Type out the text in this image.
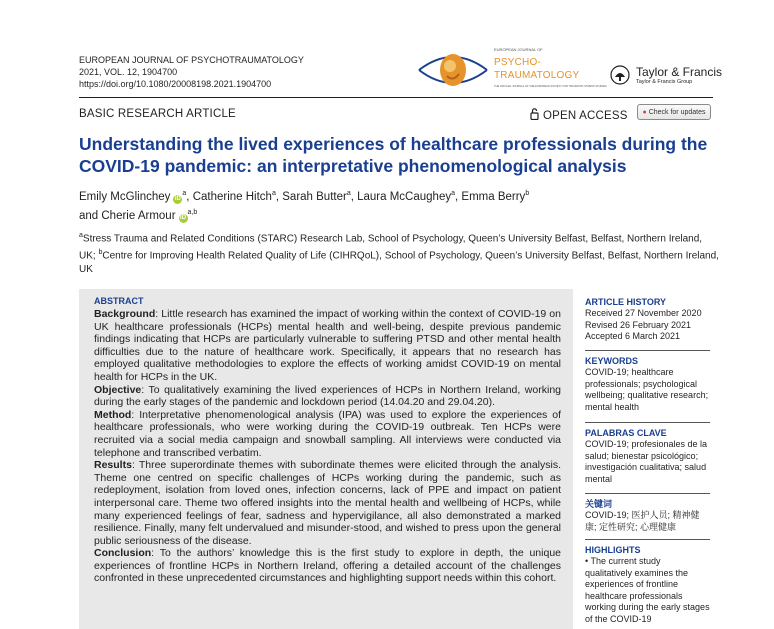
EUROPEAN JOURNAL OF PSYCHOTRAUMATOLOGY
2021, VOL. 12, 1904700
https://doi.org/10.1080/20008198.2021.1904700
EUROPEAN JOURNAL OF
PSYCHO-
TRAUMATOLOGY
THE OFFICIAL JOURNAL OF THE EUROPEAN SOCIETY FOR TRAUMATIC STRESS STUDIES
Taylor & Francis
Taylor & Francis Group
BASIC RESEARCH ARTICLE	OPEN ACCESS	● Check for updates
Understanding the lived experiences of healthcare professionals during the COVID-19 pandemic: an interpretative phenomenological analysis
Emily McGlinchey $iD^a$, Catherine Hitch$^a$, Sarah Butter$^a$, Laura McCaughey$^a$, Emma Berry$^b$
and Cherie Armour iD$^{a,b}$
$^a$Stress Trauma and Related Conditions (STARC) Research Lab, School of Psychology, Queen’s University Belfast, Belfast, Northern Ireland, UK; $^b$Centre for Improving Health Related Quality of Life (CIHRQoL), School of Psychology, Queen’s University Belfast, Belfast, Northern Ireland, UK
ABSTRACT

Background: Little research has examined the impact of working within the context of COVID-19 on UK healthcare professionals (HCPs) mental health and well-being, despite previous pandemic findings indicating that HCPs are particularly vulnerable to suffering PTSD and other mental health difficulties due to the nature of healthcare work. Specifically, it appears that no research has employed qualitative methodologies to explore the effects of working amidst COVID-19 on mental health for HCPs in the UK.

Objective: To qualitatively examining the lived experiences of HCPs in Northern Ireland, working during the early stages of the pandemic and lockdown period (14.04.20 and 29.04.20).

Method: Interpretative phenomenological analysis (IPA) was used to explore the experiences of healthcare professionals, who were working during the COVID-19 outbreak. Ten HCPs were recruited via a social media campaign and snowball sampling. All interviews were conducted via telephone and transcribed verbatim.

Results: Three superordinate themes with subordinate themes were elicited through the analysis. Theme one centred on specific challenges of HCPs working during the pandemic, such as redeployment, isolation from loved ones, infection concerns, lack of PPE and impact on patient interpersonal care. Theme two offered insights into the mental health and wellbeing of HCPs, while many experienced feelings of fear, sadness and hypervigilance, all also demonstrated a marked resilience. Finally, many felt undervalued and misunder-stood, and wished to press upon the general public seriousness of the disease.

Conclusion: To the authors’ knowledge this is the first study to explore in depth, the unique experiences of frontline HCPs in Northern Ireland, offering a detailed account of the challenges confronted in these unprecedented circumstances and highlighting support needs within this cohort.

ARTICLE HISTORY
Received 27 November 2020
Revised 26 February 2021
Accepted 6 March 2021
KEYWORDS
COVID-19; healthcare professionals; psychological wellbeing; qualitative research; mental health
PALABRAS CLAVE
COVID-19; profesionales de la salud; bienestar psicológico; investigación cualitativa; salud mental
关键词
COVID-19; 医护人员; 精神健康; 定性研究; 心理健康
HIGHLIGHTS
• The current study qualitatively examines the experiences of frontline healthcare professionals working during the early stages of the COVID-19
